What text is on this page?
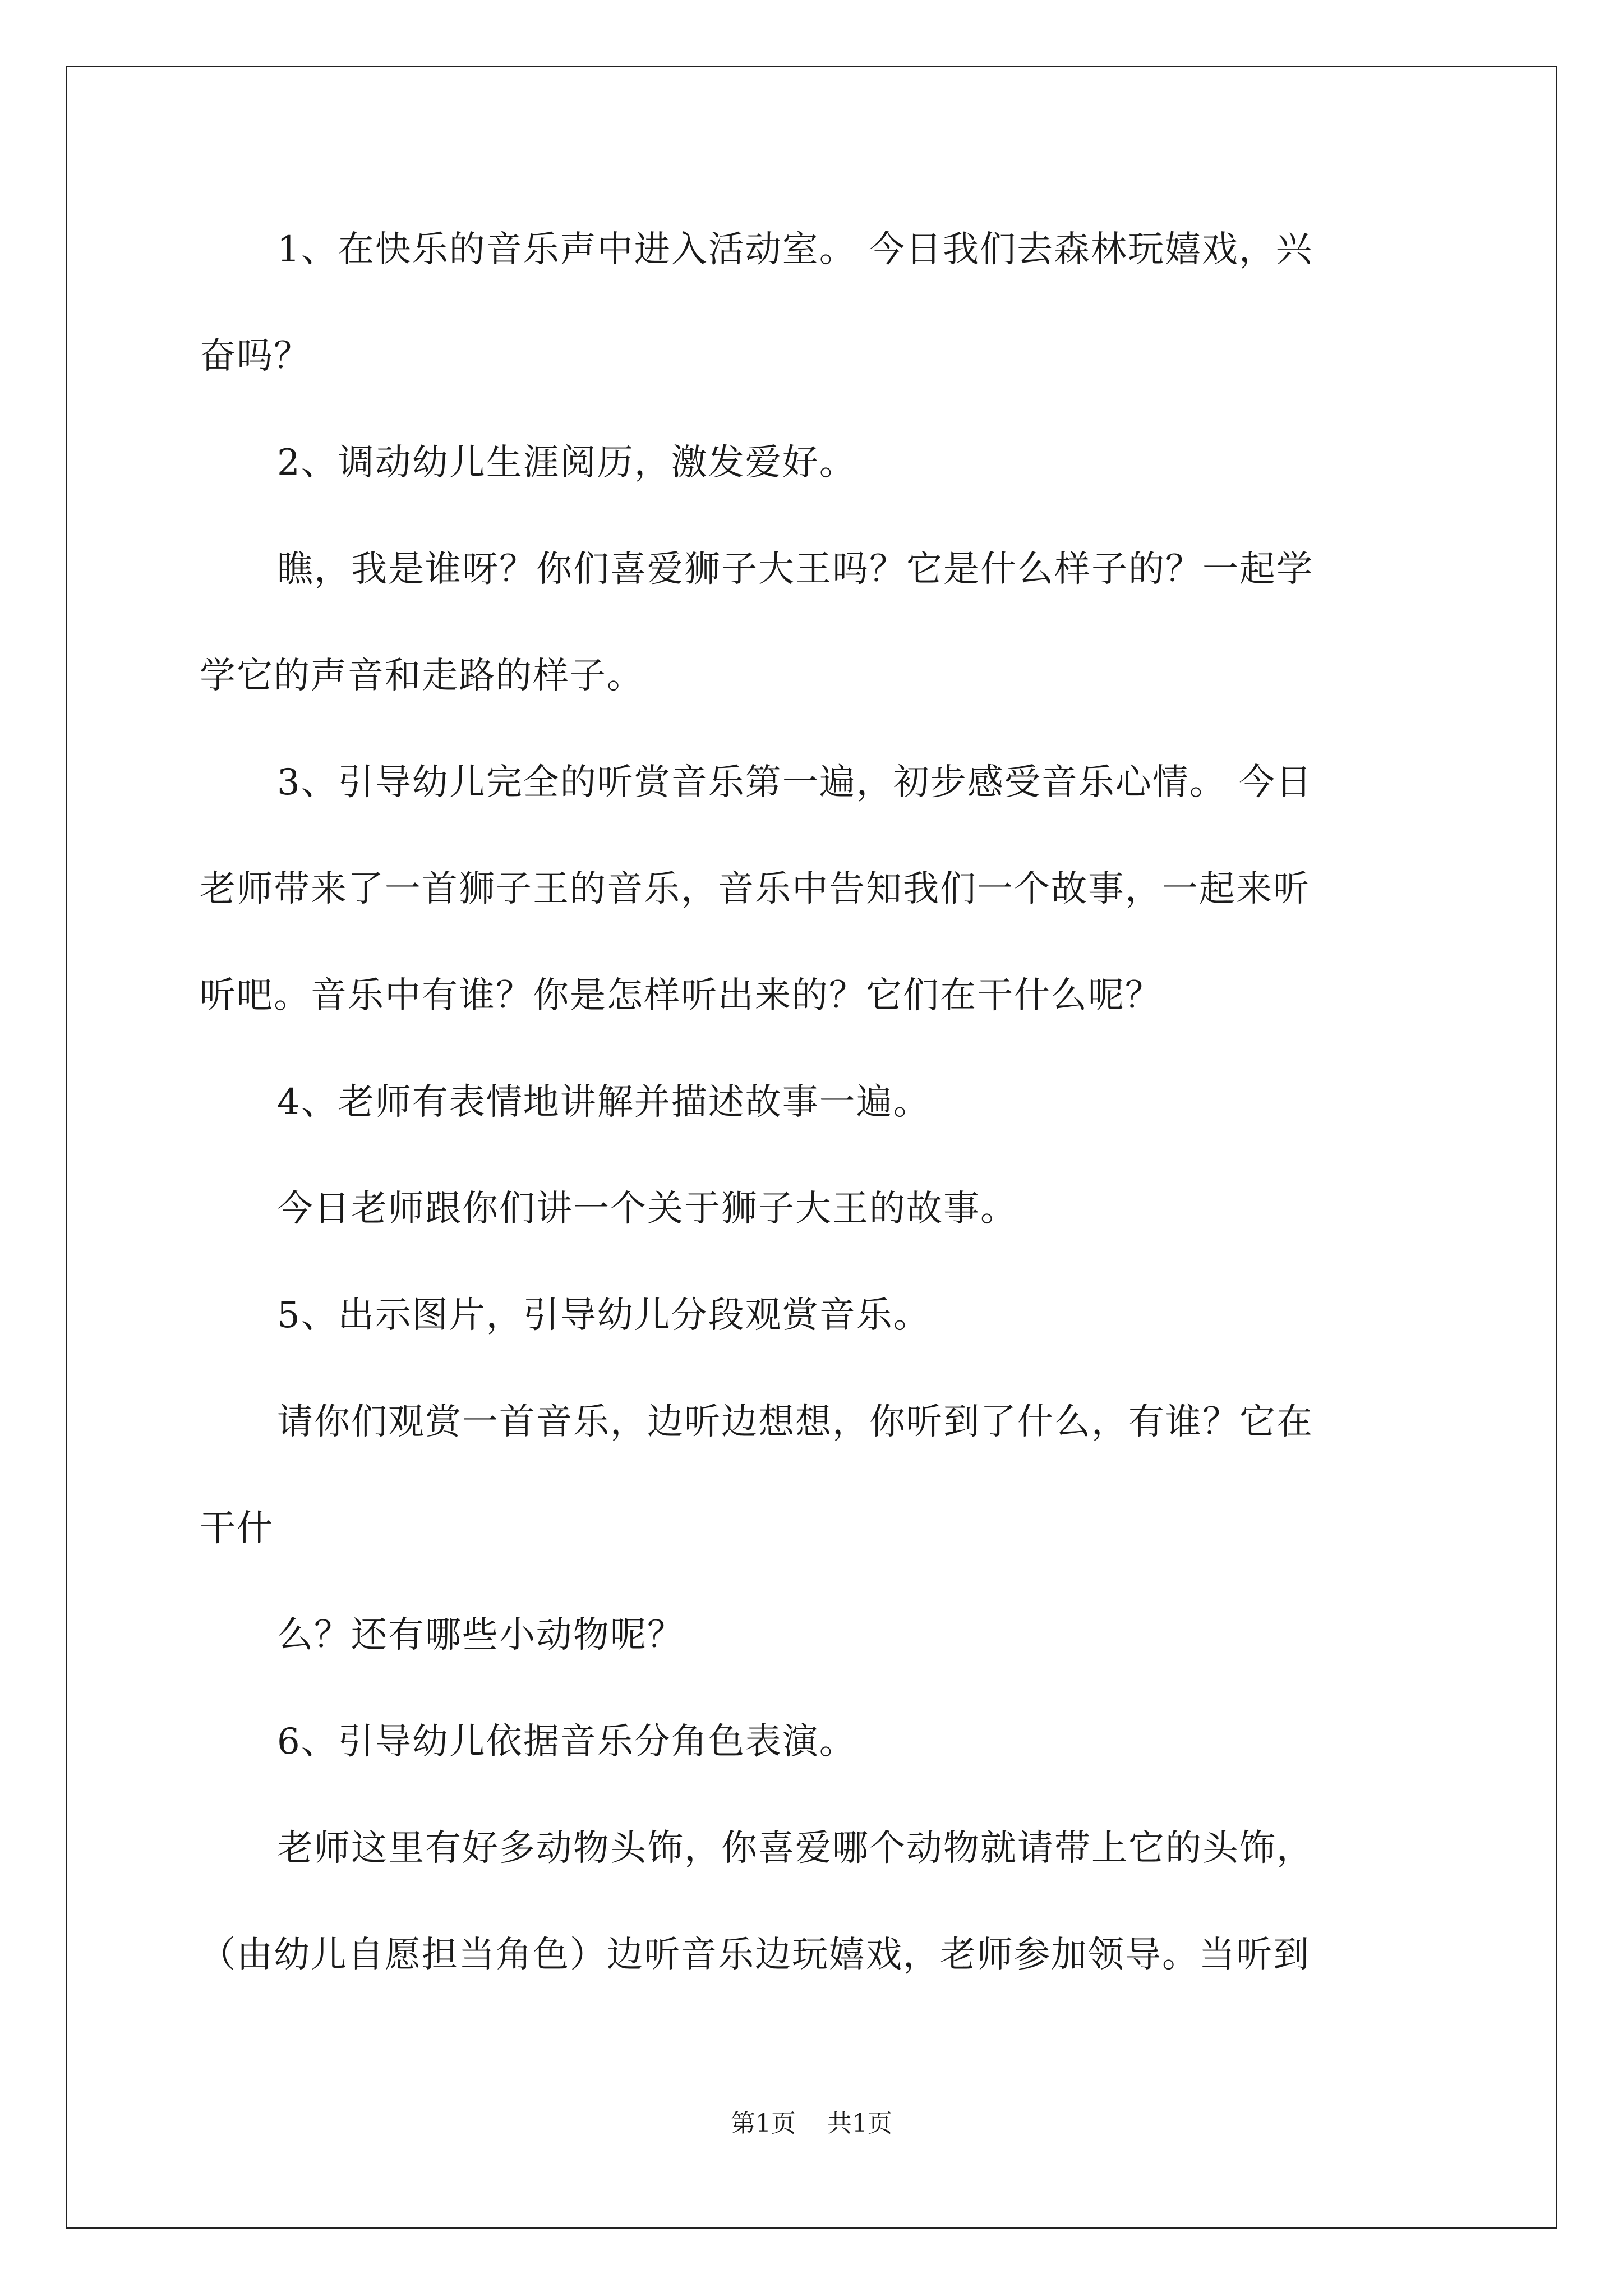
1、在快乐的音乐声中进入活动室。 今日我们去森林玩嬉戏，兴
奋吗？
2、调动幼儿生涯阅历，激发爱好。
瞧，我是谁呀？你们喜爱狮子大王吗？它是什么样子的？一起学
学它的声音和走路的样子。
3、引导幼儿完全的听赏音乐第一遍，初步感受音乐心情。 今日
老师带来了一首狮子王的音乐，音乐中告知我们一个故事，一起来听
听吧。音乐中有谁？你是怎样听出来的？它们在干什么呢？
4、老师有表情地讲解并描述故事一遍。
今日老师跟你们讲一个关于狮子大王的故事。
5、出示图片，引导幼儿分段观赏音乐。
请你们观赏一首音乐，边听边想想，你听到了什么，有谁？它在
干什
么？还有哪些小动物呢？
6、引导幼儿依据音乐分角色表演。
老师这里有好多动物头饰，你喜爱哪个动物就请带上它的头饰，
（由幼儿自愿担当角色）边听音乐边玩嬉戏，老师参加领导。当听到
第1页 共1页
